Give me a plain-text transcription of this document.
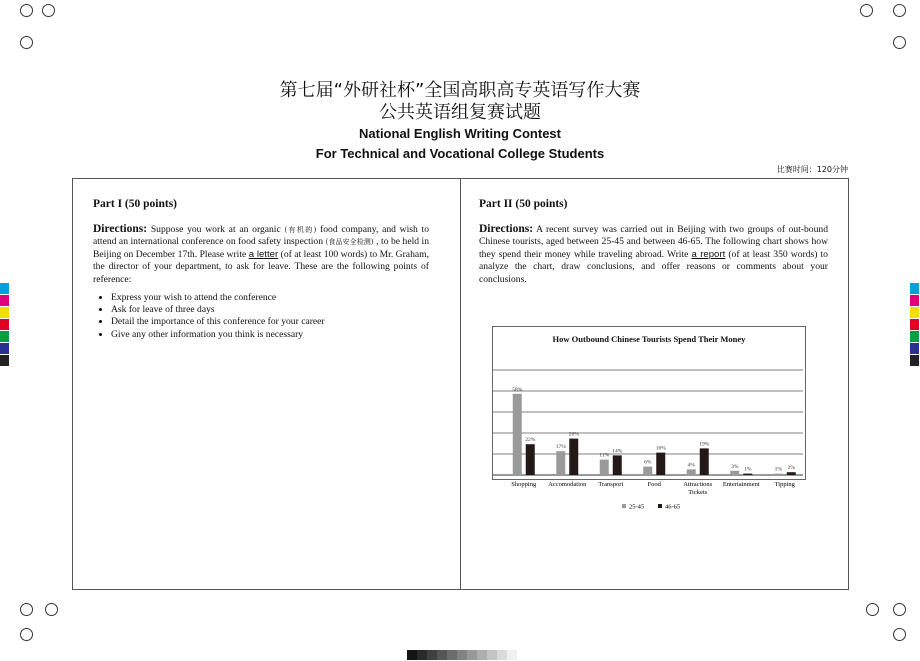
第七届“外研社杯”全国高职高专英语写作大赛
公共英语组复赛试题
National English Writing Contest
For Technical and Vocational College Students
比赛时间：120分钟
Part I (50 points)
Directions: Suppose you work at an organic (有机的) food company, and wish to attend an international conference on food safety inspection (食品安全检测) , to be held in Beijing on December 17th. Please write a letter (of at least 100 words) to Mr. Graham, the director of your department, to ask for leave. These are the following points of reference:
• Express your wish to attend the conference
• Ask for leave of three days
• Detail the importance of this conference for your career
• Give any other information you think is necessary
Part II (50 points)
Directions: A recent survey was carried out in Beijing with two groups of out-bound Chinese tourists, aged between 25-45 and between 46-65. The following chart shows how they spend their money while traveling abroad. Write a report (of at least 350 words) to analyze the chart, draw conclusions, and offer reasons or comments about your conclusions.
How Outbound Chinese Tourists Spend Their Money
58%
22%
Shopping
17%
26%
Accomodation
11%
14%
Transport
6%
16%
Food
4%
19%
Attractions
Tickets
3% 1%
Entertainment
1% 2%
Tipping
25-45	46-65
